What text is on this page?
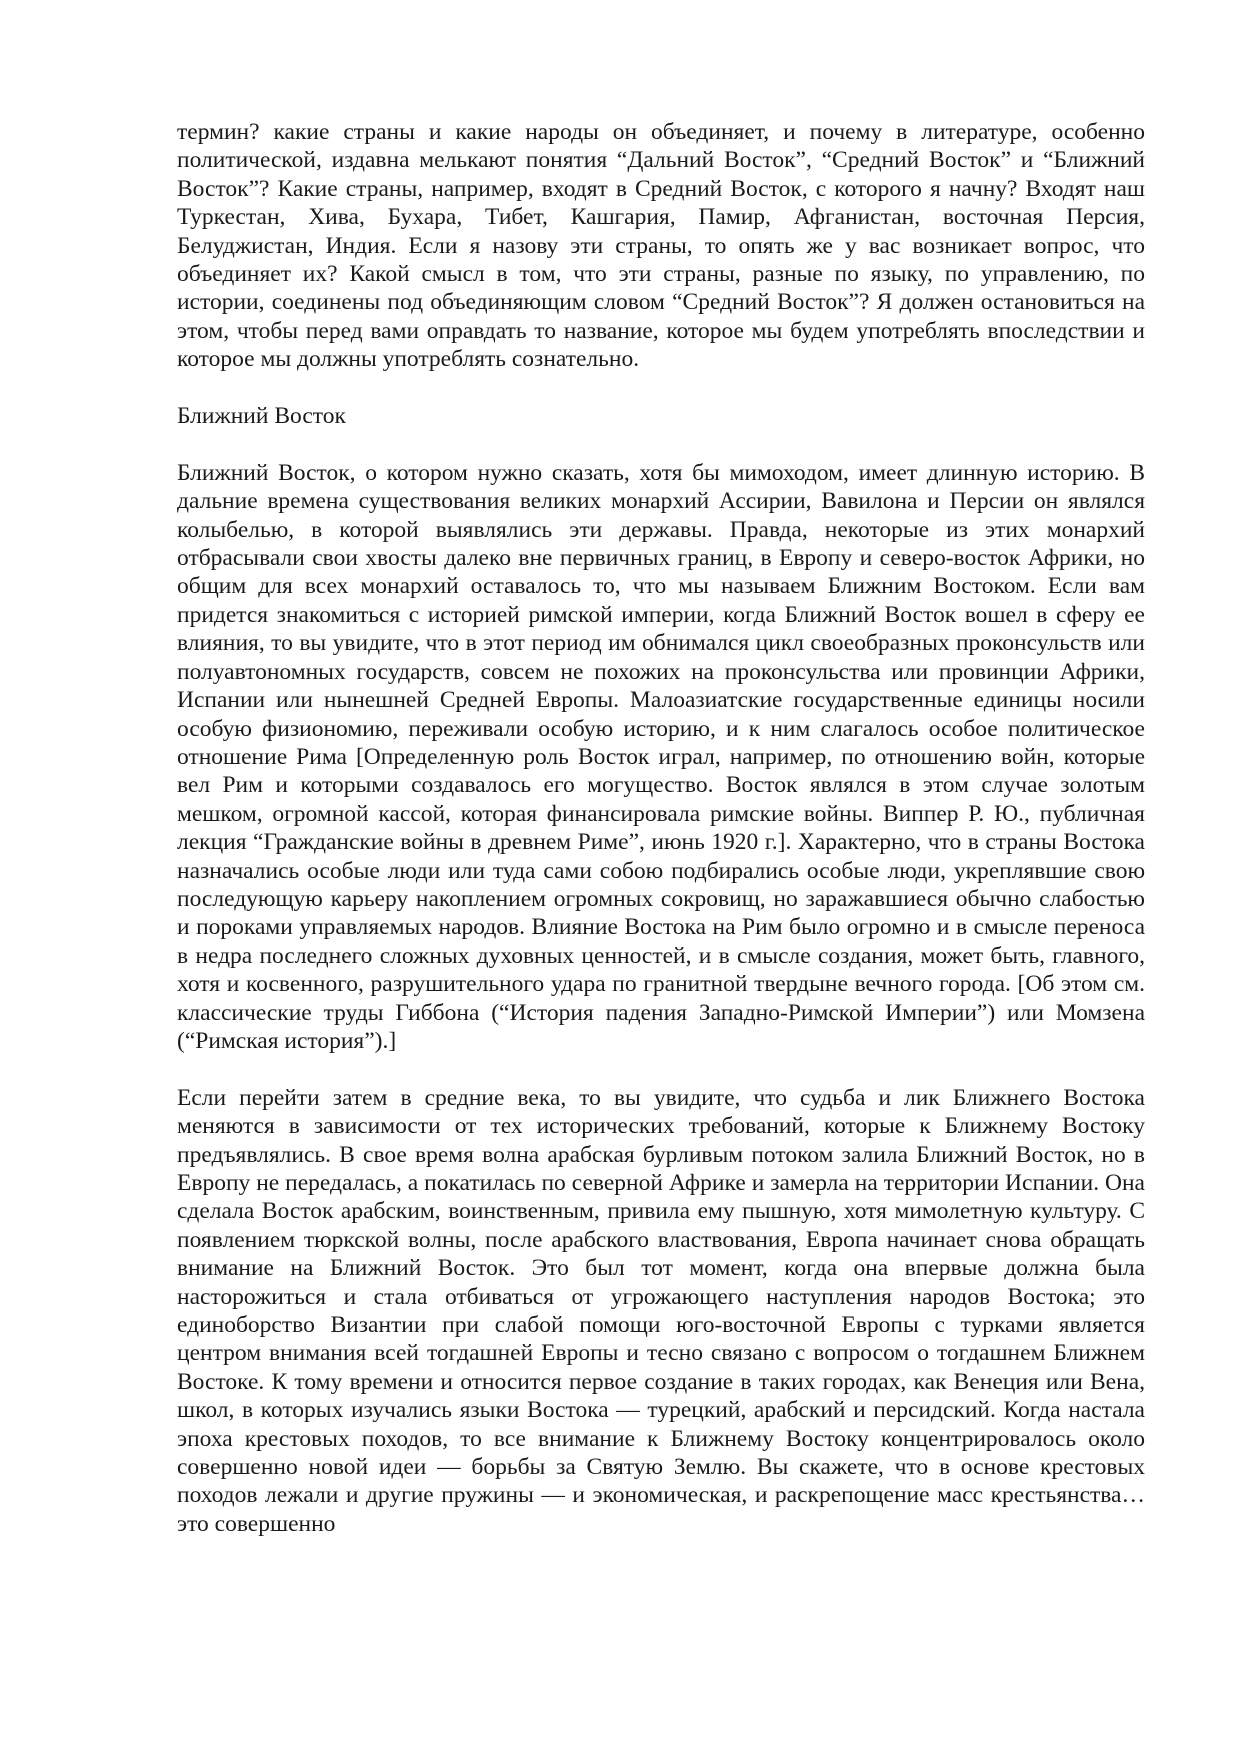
термин? какие страны и какие народы он объединяет, и почему в литературе, особенно политической, издавна мелькают понятия “Дальний Восток”, “Средний Восток” и “Ближний Восток”? Какие страны, например, входят в Средний Восток, с которого я начну? Входят наш Туркестан, Хива, Бухара, Тибет, Кашгария, Памир, Афганистан, восточная Персия, Белуджистан, Индия. Если я назову эти страны, то опять же у вас возникает вопрос, что объединяет их? Какой смысл в том, что эти страны, разные по языку, по управлению, по истории, соединены под объединяющим словом “Средний Восток”? Я должен остановиться на этом, чтобы перед вами оправдать то название, которое мы будем употреблять впоследствии и которое мы должны употреблять сознательно.

Ближний Восток

Ближний Восток, о котором нужно сказать, хотя бы мимоходом, имеет длинную историю. В дальние времена существования великих монархий Ассирии, Вавилона и Персии он являлся колыбелью, в которой выявлялись эти державы. Правда, некоторые из этих монархий отбрасывали свои хвосты далеко вне первичных границ, в Европу и северо-восток Африки, но общим для всех монархий оставалось то, что мы называем Ближним Востоком. Если вам придется знакомиться с историей римской империи, когда Ближний Восток вошел в сферу ее влияния, то вы увидите, что в этот период им обнимался цикл своеобразных проконсульств или полуавтономных государств, совсем не похожих на проконсульства или провинции Африки, Испании или нынешней Средней Европы. Малоазиатские государственные единицы носили особую физиономию, переживали особую историю, и к ним слагалось особое политическое отношение Рима [Определенную роль Восток играл, например, по отношению войн, которые вел Рим и которыми создавалось его могущество. Восток являлся в этом случае золотым мешком, огромной кассой, которая финансировала римские войны. Виппер Р. Ю., публичная лекция “Гражданские войны в древнем Риме”, июнь 1920 г.]. Характерно, что в страны Востока назначались особые люди или туда сами собою подбирались особые люди, укреплявшие свою последующую карьеру накоплением огромных сокровищ, но заражавшиеся обычно слабостью и пороками управляемых народов. Влияние Востока на Рим было огромно и в смысле переноса в недра последнего сложных духовных ценностей, и в смысле создания, может быть, главного, хотя и косвенного, разрушительного удара по гранитной твердыне вечного города. [Об этом см. классические труды Гиббона (“История падения Западно-Римской Империи”) или Момзена (“Римская история”).]

Если перейти затем в средние века, то вы увидите, что судьба и лик Ближнего Востока меняются в зависимости от тех исторических требований, которые к Ближнему Востоку предъявлялись. В свое время волна арабская бурливым потоком залила Ближний Восток, но в Европу не передалась, а покатилась по северной Африке и замерла на территории Испании. Она сделала Восток арабским, воинственным, привила ему пышную, хотя мимолетную культуру. С появлением тюркской волны, после арабского властвования, Европа начинает снова обращать внимание на Ближний Восток. Это был тот момент, когда она впервые должна была насторожиться и стала отбиваться от угрожающего наступления народов Востока; это единоборство Византии при слабой помощи юго-восточной Европы с турками является центром внимания всей тогдашней Европы и тесно связано с вопросом о тогдашнем Ближнем Востоке. К тому времени и относится первое создание в таких городах, как Венеция или Вена, школ, в которых изучались языки Востока — турецкий, арабский и персидский. Когда настала эпоха крестовых походов, то все внимание к Ближнему Востоку концентрировалось около совершенно новой идеи — борьбы за Святую Землю. Вы скажете, что в основе крестовых походов лежали и другие пружины — и экономическая, и раскрепощение масс крестьянства… это совершенно
